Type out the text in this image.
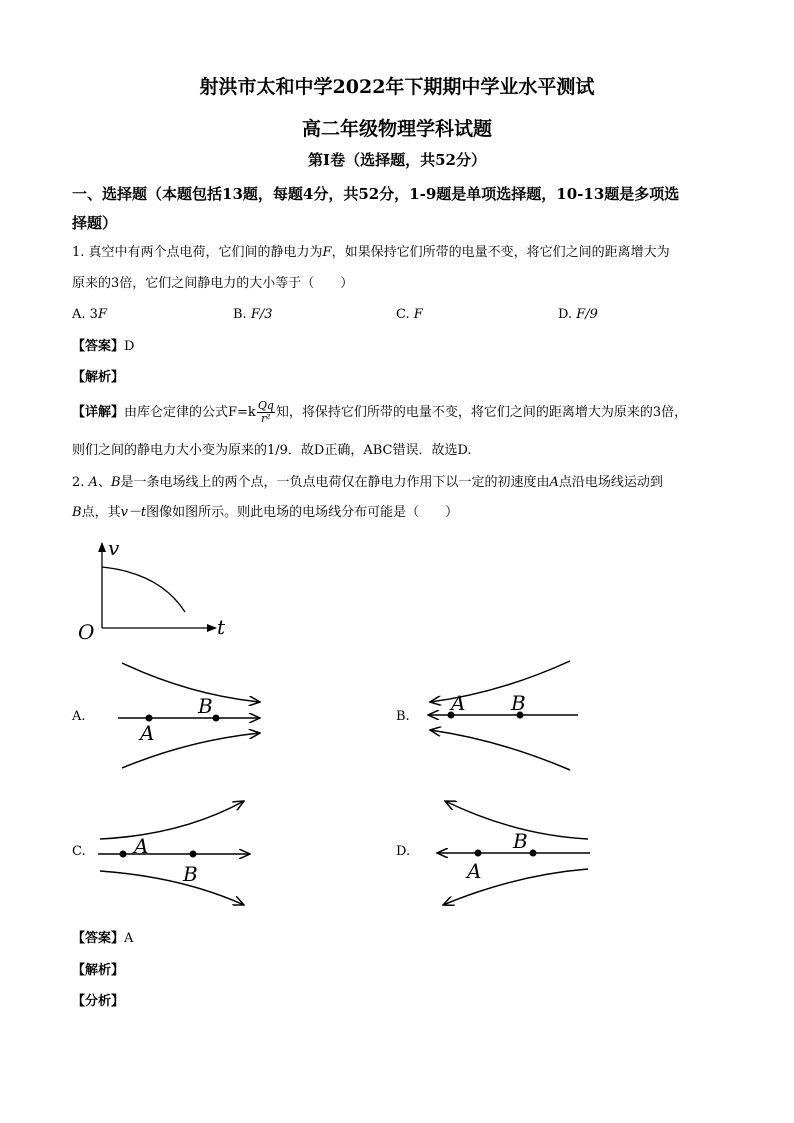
射洪市太和中学2022年下期期中学业水平测试
高二年级物理学科试题
第I卷（选择题，共52分）
一、选择题（本题包括13题，每题4分，共52分，1-9题是单项选择题，10-13题是多项选
择题）
1. 真空中有两个点电荷，它们间的静电力为F，如果保持它们所带的电量不变，将它们之间的距离增大为
原来的3倍，它们之间静电力的大小等于（　　）
A. 3F	B. F/3	C. F	D. F/9
【答案】D
【解析】
【详解】由库仑定律的公式$F=k \frac{Qq}{\text{r²}}$ 知，将保持它们所带的电量不变，将它们之间的距离增大为原来的3倍，
则们之间的静电力大小变为原来的1/9．故D正确，ABC错误．故选D.
2. A、B是一条电场线上的两个点，一负点电荷仅在静电力作用下以一定的初速度由A点沿电场线运动到
B点，其v－t图像如图所示。则此电场的电场线分布可能是（　　）
v
t
O
A.	B.
C.	D.
A
B	A B
A
B	A
B
【答案】A
【解析】
【分析】
